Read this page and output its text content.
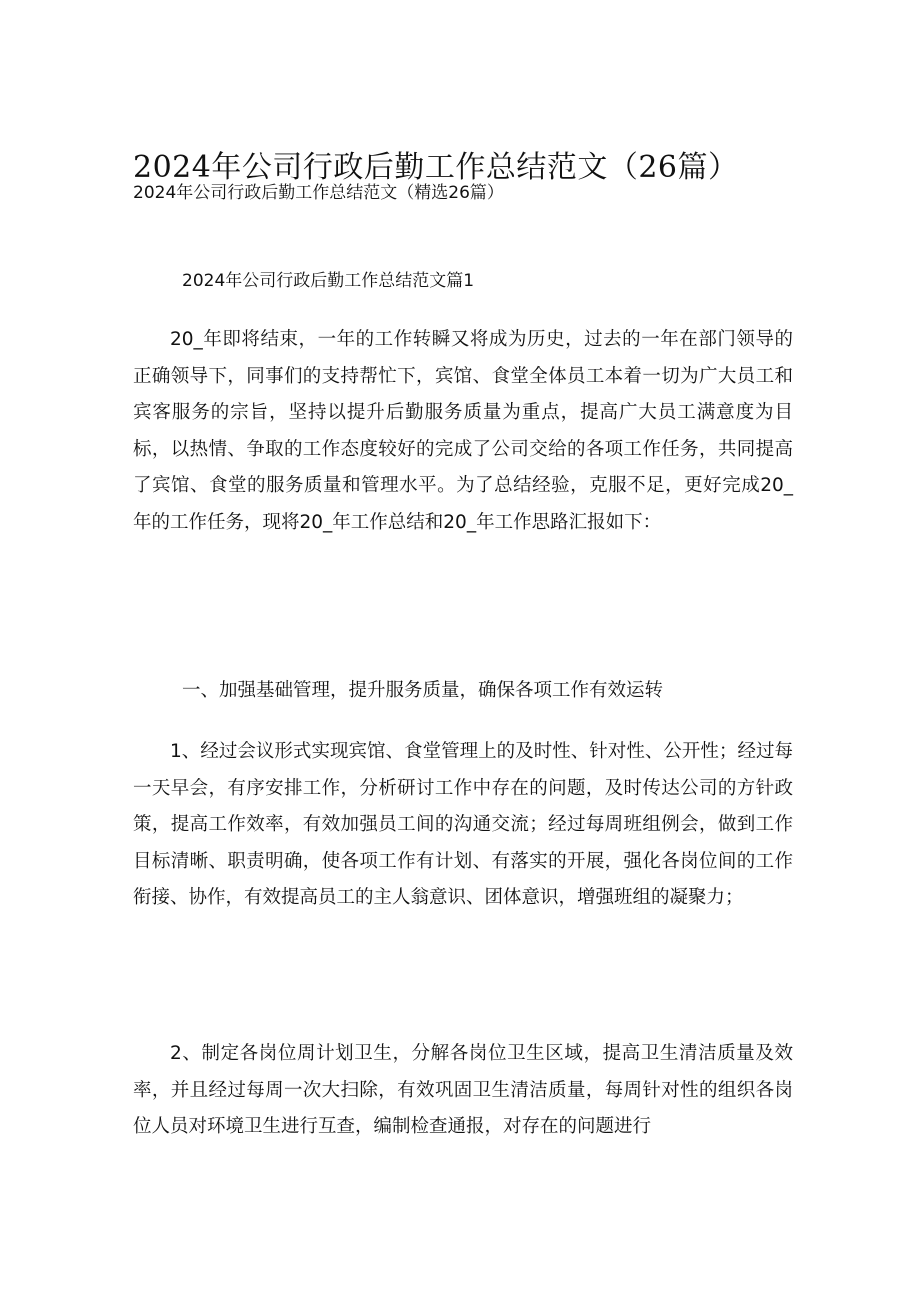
2024年公司行政后勤工作总结范文（26篇）

2024年公司行政后勤工作总结范文（精选26篇）

2024年公司行政后勤工作总结范文篇1

20_年即将结束，一年的工作转瞬又将成为历史，过去的一年在部门领导的正确领导下，同事们的支持帮忙下，宾馆、食堂全体员工本着一切为广大员工和宾客服务的宗旨，坚持以提升后勤服务质量为重点，提高广大员工满意度为目标，以热情、争取的工作态度较好的完成了公司交给的各项工作任务，共同提高了宾馆、食堂的服务质量和管理水平。为了总结经验，克服不足，更好完成20_年的工作任务，现将20_年工作总结和20_年工作思路汇报如下：

一、加强基础管理，提升服务质量，确保各项工作有效运转

1、经过会议形式实现宾馆、食堂管理上的及时性、针对性、公开性；经过每一天早会，有序安排工作，分析研讨工作中存在的问题，及时传达公司的方针政策，提高工作效率，有效加强员工间的沟通交流；经过每周班组例会，做到工作目标清晰、职责明确，使各项工作有计划、有落实的开展，强化各岗位间的工作衔接、协作，有效提高员工的主人翁意识、团体意识，增强班组的凝聚力；

2、制定各岗位周计划卫生，分解各岗位卫生区域，提高卫生清洁质量及效率，并且经过每周一次大扫除，有效巩固卫生清洁质量，每周针对性的组织各岗位人员对环境卫生进行互查，编制检查通报，对存在的问题进行
